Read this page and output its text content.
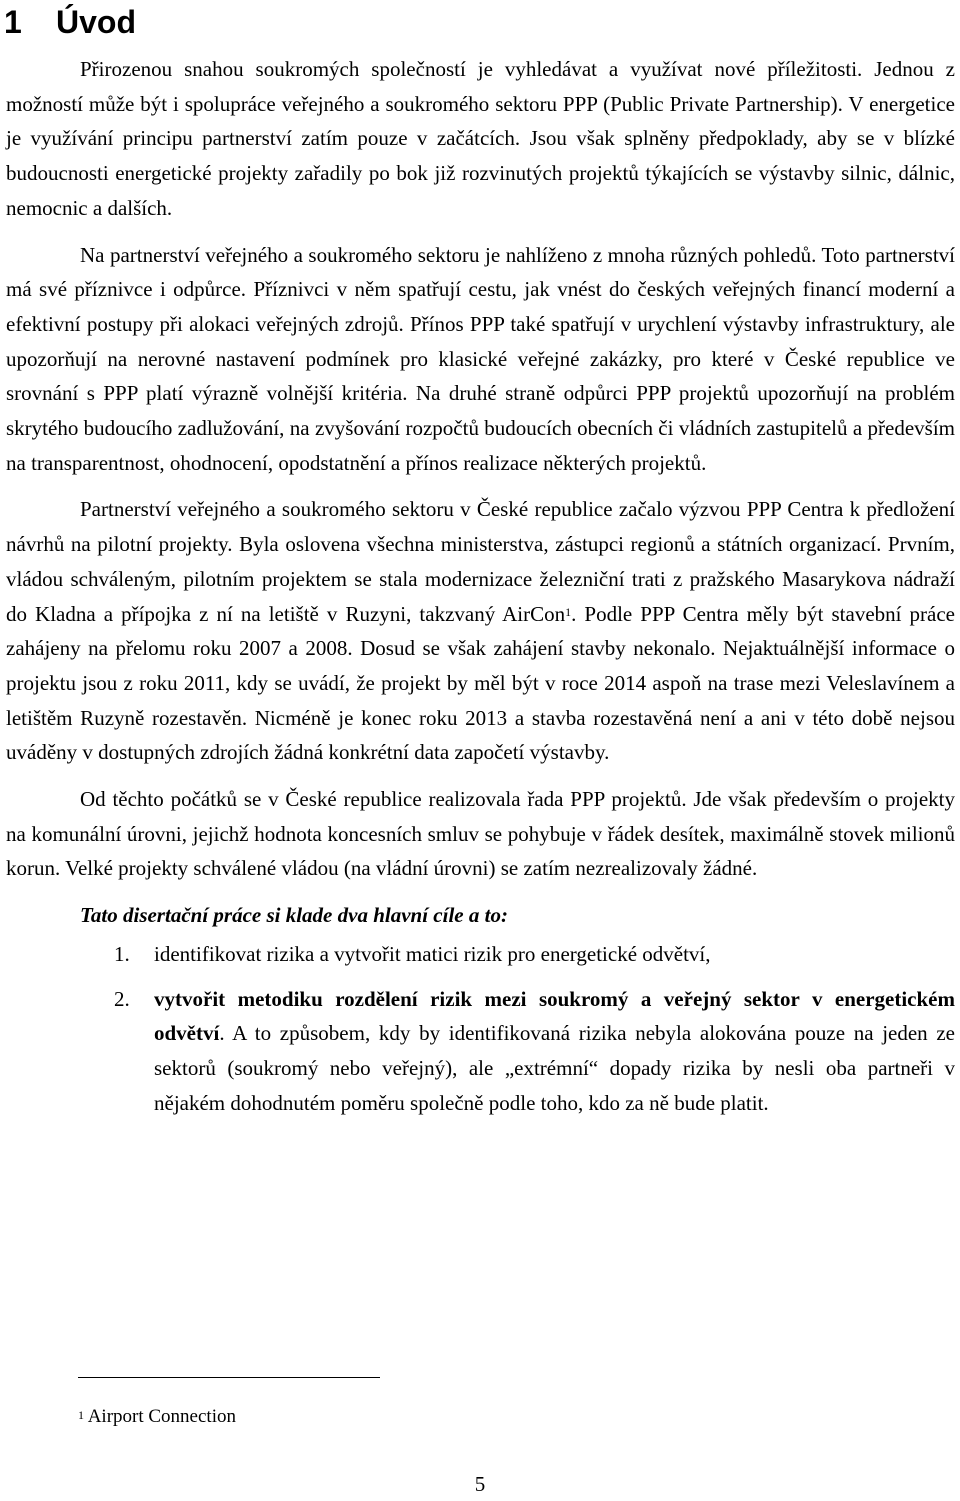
1 Úvod

Přirozenou snahou soukromých společností je vyhledávat a využívat nové příležitosti. Jednou z možností může být i spolupráce veřejného a soukromého sektoru PPP (Public Private Partnership). V energetice je využívání principu partnerství zatím pouze v začátcích. Jsou však splněny předpoklady, aby se v blízké budoucnosti energetické projekty zařadily po bok již rozvinutých projektů týkajících se výstavby silnic, dálnic, nemocnic a dalších.

Na partnerství veřejného a soukromého sektoru je nahlíženo z mnoha různých pohledů. Toto partnerství má své příznivce i odpůrce. Příznivci v něm spatřují cestu, jak vnést do českých veřejných financí moderní a efektivní postupy při alokaci veřejných zdrojů. Přínos PPP také spatřují v urychlení výstavby infrastruktury, ale upozorňují na nerovné nastavení podmínek pro klasické veřejné zakázky, pro které v České republice ve srovnání s PPP platí výrazně volnější kritéria. Na druhé straně odpůrci PPP projektů upozorňují na problém skrytého budoucího zadlužování, na zvyšování rozpočtů budoucích obecních či vládních zastupitelů a především na transparentnost, ohodnocení, opodstatnění a přínos realizace některých projektů.

Partnerství veřejného a soukromého sektoru v České republice začalo výzvou PPP Centra k předložení návrhů na pilotní projekty. Byla oslovena všechna ministerstva, zástupci regionů a státních organizací. Prvním, vládou schváleným, pilotním projektem se stala modernizace železniční trati z pražského Masarykova nádraží do Kladna a přípojka z ní na letiště v Ruzyni, takzvaný AirCon$^1$. Podle PPP Centra měly být stavební práce zahájeny na přelomu roku 2007 a 2008. Dosud se však zahájení stavby nekonalo. Nejaktuálnější informace o projektu jsou z roku 2011, kdy se uvádí, že projekt by měl být v roce 2014 aspoň na trase mezi Veleslavínem a letištěm Ruzyně rozestavěn. Nicméně je konec roku 2013 a stavba rozestavěná není a ani v této době nejsou uváděny v dostupných zdrojích žádná konkrétní data započetí výstavby.

Od těchto počátků se v České republice realizovala řada PPP projektů. Jde však především o projekty na komunální úrovni, jejichž hodnota koncesních smluv se pohybuje v řádek desítek, maximálně stovek milionů korun. Velké projekty schválené vládou (na vládní úrovni) se zatím nezrealizovaly žádné.

Tato disertační práce si klade dva hlavní cíle a to:
1. identifikovat rizika a vytvořit matici rizik pro energetické odvětví,
2. vytvořit metodiku rozdělení rizik mezi soukromý a veřejný sektor v energetickém odvětví. A to způsobem, kdy by identifikovaná rizika nebyla alokována pouze na jeden ze sektorů (soukromý nebo veřejný), ale „extrémní“ dopady rizika by nesli oba partneři v nějakém dohodnutém poměru společně podle toho, kdo za ně bude platit.
$^1$ Airport Connection
5
